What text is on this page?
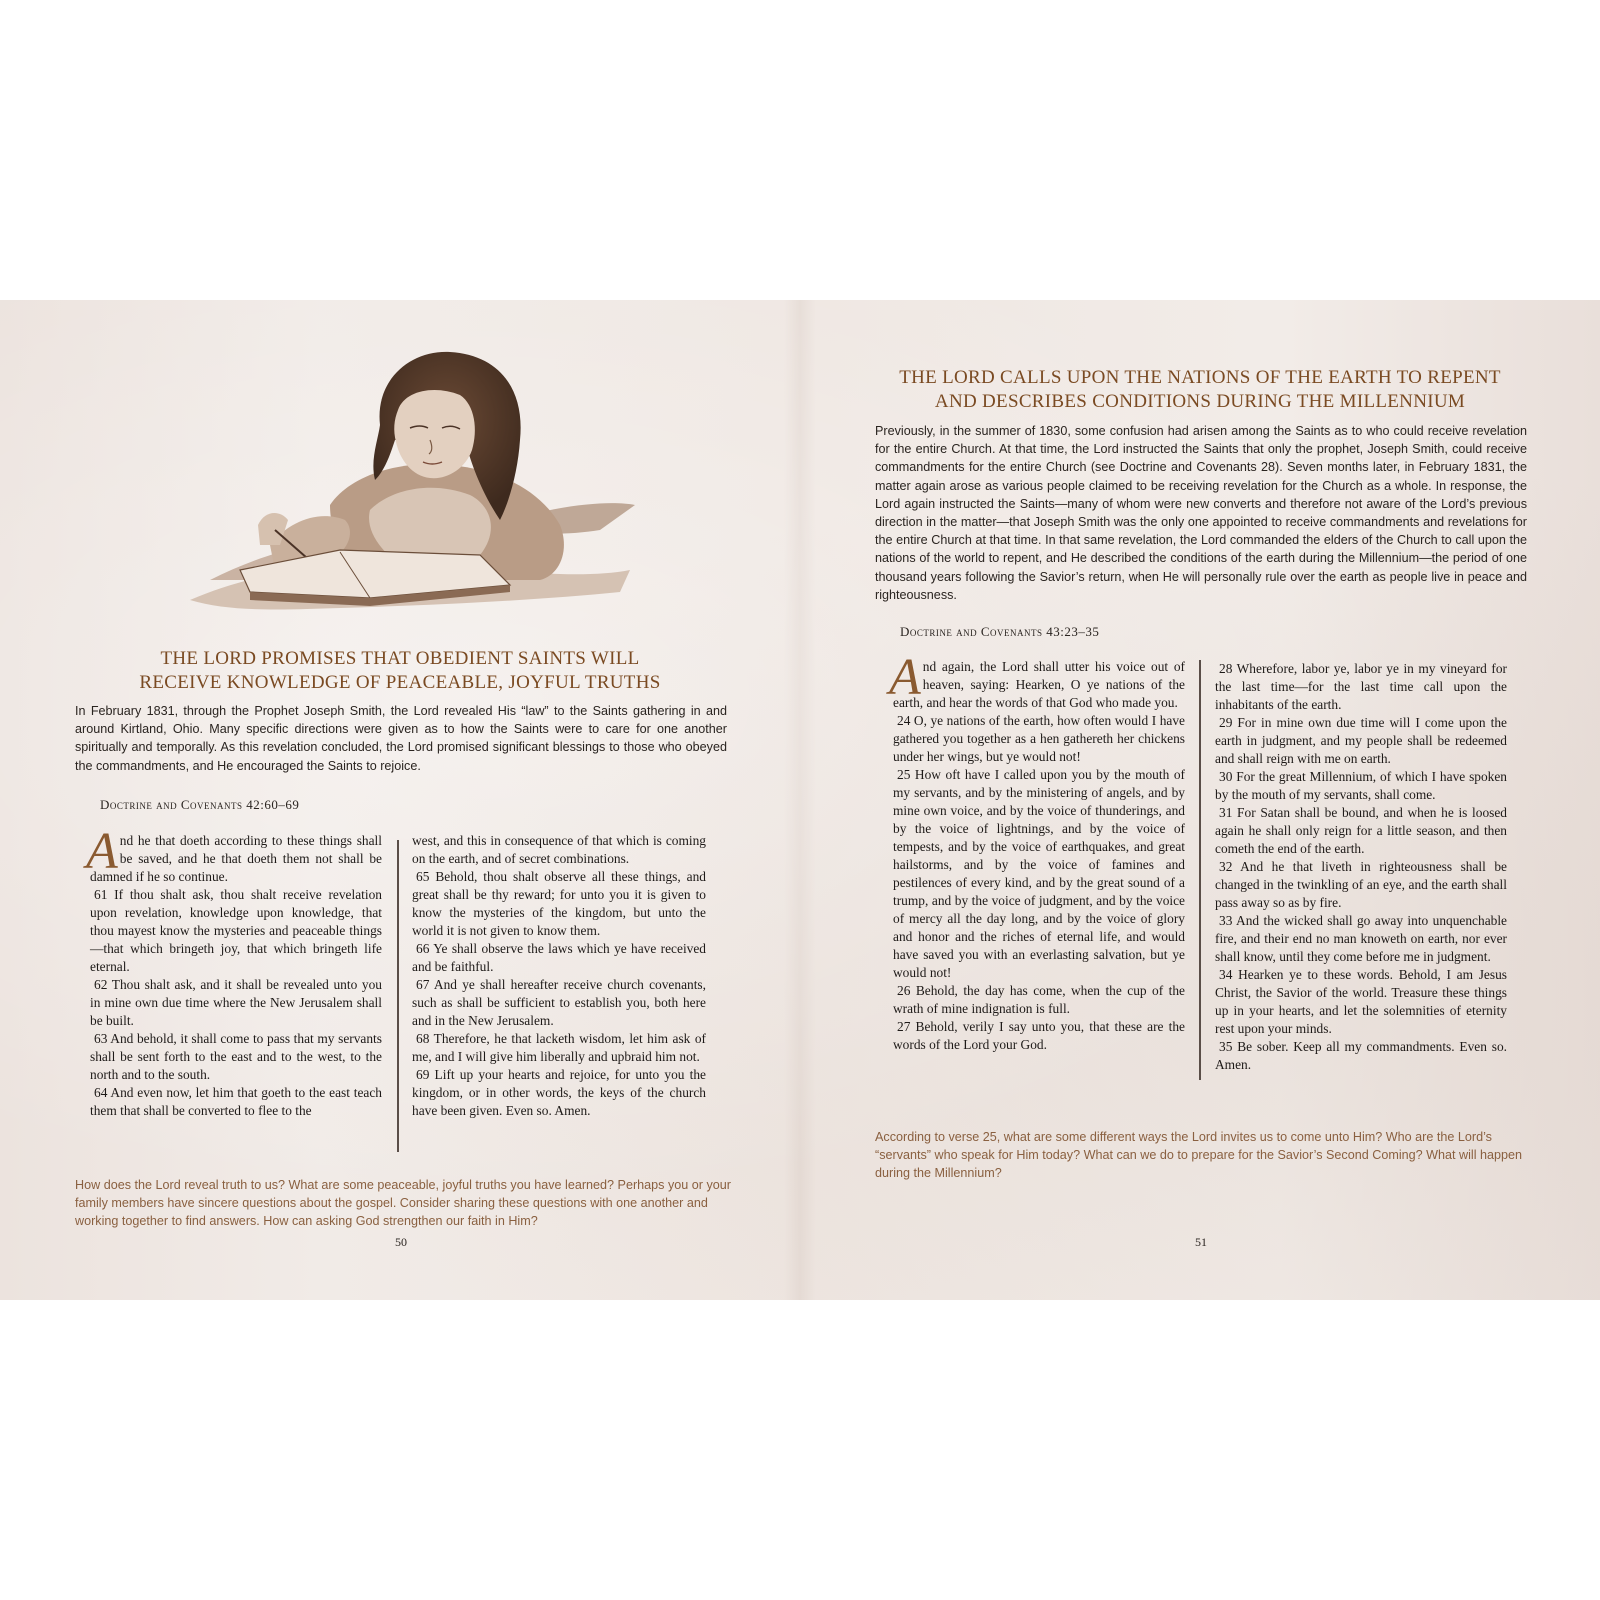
THE LORD PROMISES THAT OBEDIENT SAINTS WILL
RECEIVE KNOWLEDGE OF PEACEABLE, JOYFUL TRUTHS
In February 1831, through the Prophet Joseph Smith, the Lord revealed His “law” to the Saints gathering in and around Kirtland, Ohio. Many specific directions were given as to how the Saints were to care for one another spiritually and temporally. As this revelation concluded, the Lord promised significant blessings to those who obeyed the commandments, and He encouraged the Saints to rejoice.
Doctrine and Covenants 42:60–69

And he that doeth according to these things shall be saved, and he that doeth them not shall be damned if he so continue.

61 If thou shalt ask, thou shalt receive revelation upon revelation, knowledge upon knowledge, that thou mayest know the mysteries and peaceable things—that which bringeth joy, that which bringeth life eternal.

62 Thou shalt ask, and it shall be revealed unto you in mine own due time where the New Jerusalem shall be built.

63 And behold, it shall come to pass that my servants shall be sent forth to the east and to the west, to the north and to the south.

64 And even now, let him that goeth to the east teach them that shall be converted to flee to the

west, and this in consequence of that which is coming on the earth, and of secret combinations.

65 Behold, thou shalt observe all these things, and great shall be thy reward; for unto you it is given to know the mysteries of the kingdom, but unto the world it is not given to know them.

66 Ye shall observe the laws which ye have received and be faithful.

67 And ye shall hereafter receive church covenants, such as shall be sufficient to establish you, both here and in the New Jerusalem.

68 Therefore, he that lacketh wisdom, let him ask of me, and I will give him liberally and upbraid him not.

69 Lift up your hearts and rejoice, for unto you the kingdom, or in other words, the keys of the church have been given. Even so. Amen.

How does the Lord reveal truth to us? What are some peaceable, joyful truths you have learned? Perhaps you or your family members have sincere questions about the gospel. Consider sharing these questions with one another and working together to find answers. How can asking God strengthen our faith in Him?
50
THE LORD CALLS UPON THE NATIONS OF THE EARTH TO REPENT
AND DESCRIBES CONDITIONS DURING THE MILLENNIUM
Previously, in the summer of 1830, some confusion had arisen among the Saints as to who could receive revelation for the entire Church. At that time, the Lord instructed the Saints that only the prophet, Joseph Smith, could receive commandments for the entire Church (see Doctrine and Covenants 28). Seven months later, in February 1831, the matter again arose as various people claimed to be receiving revelation for the Church as a whole. In response, the Lord again instructed the Saints—many of whom were new converts and therefore not aware of the Lord’s previous direction in the matter—that Joseph Smith was the only one appointed to receive commandments and revelations for the entire Church at that time. In that same revelation, the Lord commanded the elders of the Church to call upon the nations of the world to repent, and He described the conditions of the earth during the Millennium—the period of one thousand years following the Savior’s return, when He will personally rule over the earth as people live in peace and righteousness.
Doctrine and Covenants 43:23–35

And again, the Lord shall utter his voice out of heaven, saying: Hearken, O ye nations of the earth, and hear the words of that God who made you.

24 O, ye nations of the earth, how often would I have gathered you together as a hen gathereth her chickens under her wings, but ye would not!

25 How oft have I called upon you by the mouth of my servants, and by the ministering of angels, and by mine own voice, and by the voice of thunderings, and by the voice of lightnings, and by the voice of tempests, and by the voice of earthquakes, and great hailstorms, and by the voice of famines and pestilences of every kind, and by the great sound of a trump, and by the voice of judgment, and by the voice of mercy all the day long, and by the voice of glory and honor and the riches of eternal life, and would have saved you with an everlasting salvation, but ye would not!

26 Behold, the day has come, when the cup of the wrath of mine indignation is full.

27 Behold, verily I say unto you, that these are the words of the Lord your God.

28 Wherefore, labor ye, labor ye in my vineyard for the last time—for the last time call upon the inhabitants of the earth.

29 For in mine own due time will I come upon the earth in judgment, and my people shall be redeemed and shall reign with me on earth.

30 For the great Millennium, of which I have spoken by the mouth of my servants, shall come.

31 For Satan shall be bound, and when he is loosed again he shall only reign for a little season, and then cometh the end of the earth.

32 And he that liveth in righteousness shall be changed in the twinkling of an eye, and the earth shall pass away so as by fire.

33 And the wicked shall go away into unquenchable fire, and their end no man knoweth on earth, nor ever shall know, until they come before me in judgment.

34 Hearken ye to these words. Behold, I am Jesus Christ, the Savior of the world. Treasure these things up in your hearts, and let the solemnities of eternity rest upon your minds.

35 Be sober. Keep all my commandments. Even so. Amen.

According to verse 25, what are some different ways the Lord invites us to come unto Him? Who are the Lord’s “servants” who speak for Him today? What can we do to prepare for the Savior’s Second Coming? What will happen during the Millennium?
51
